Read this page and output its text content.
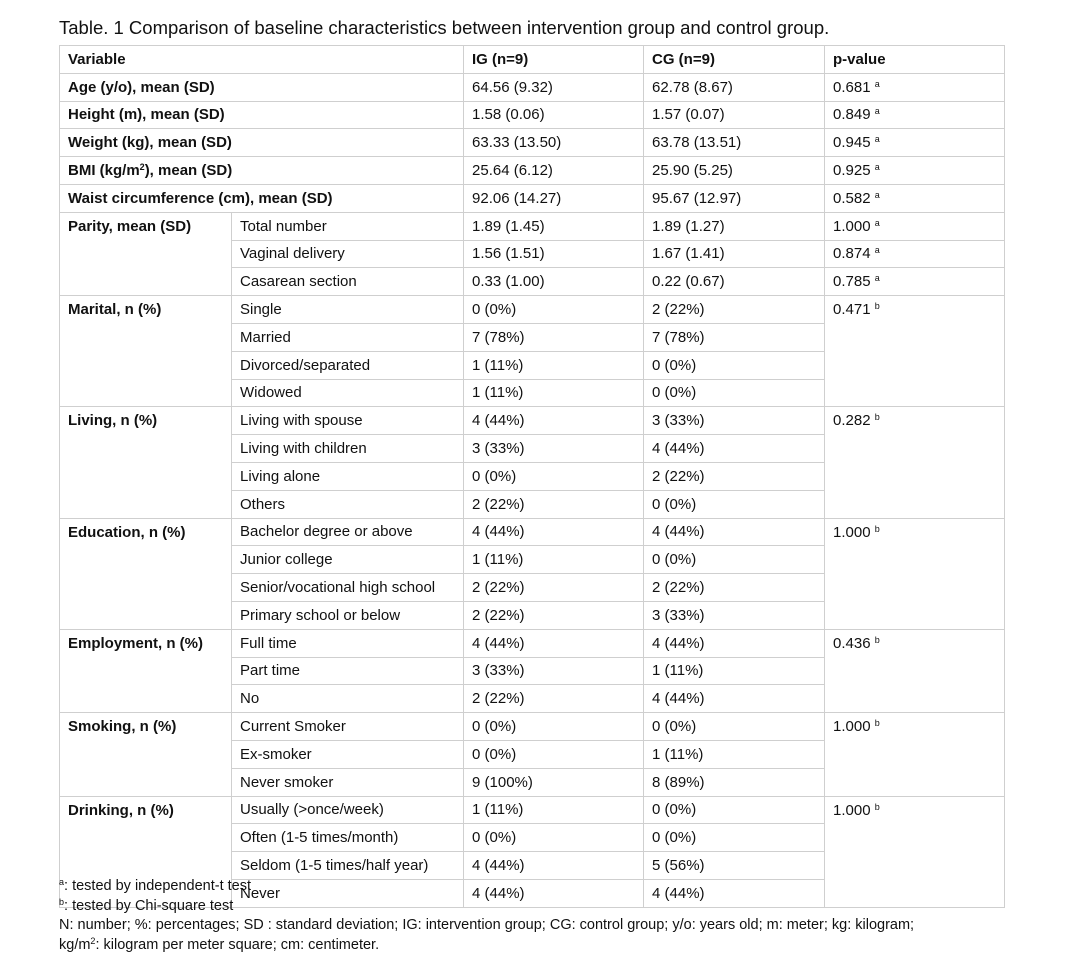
Table. 1 Comparison of baseline characteristics between intervention group and control group.
Variable		IG (n=9)	CG (n=9)	p-value
Age (y/o), mean (SD)		64.56 (9.32)	62.78 (8.67)	0.681 $^a$
Height (m), mean (SD)		1.58 (0.06)	1.57 (0.07)	0.849 $^a$
Weight (kg), mean (SD)		63.33 (13.50)	63.78 (13.51)	0.945 $^a$
BMI $(kg/m^2)$, mean (SD)		25.64 (6.12)	25.90 (5.25)	0.925 $^a$
Waist circumference (cm), mean (SD)		92.06 (14.27)	95.67 (12.97)	0.582 $^a$
Parity, mean (SD)	Total number	1.89 (1.45)	1.89 (1.27)	1.000 $^a$
	Vaginal delivery	1.56 (1.51)	1.67 (1.41)	0.874 $^a$
	Casarean section	0.33 (1.00)	0.22 (0.67)	0.785 $^a$
Marital, n (%)	Single	0 (0%)	2 (22%)	0.471 $^b$
	Married	7 (78%)	7 (78%)	
	Divorced/separated	1 (11%)	0 (0%)	
	Widowed	1 (11%)	0 (0%)	
Living, n (%)	Living with spouse	4 (44%)	3 (33%)	0.282 $^b$
	Living with children	3 (33%)	4 (44%)	
	Living alone	0 (0%)	2 (22%)	
	Others	2 (22%)	0 (0%)	
Education, n (%)	Bachelor degree or above	4 (44%)	4 (44%)	1.000 $^b$
	Junior college	1 (11%)	0 (0%)	
	Senior/vocational high school	2 (22%)	2 (22%)	
	Primary school or below	2 (22%)	3 (33%)	
Employment, n (%)	Full time	4 (44%)	4 (44%)	0.436 $^b$
	Part time	3 (33%)	1 (11%)	
	No	2 (22%)	4 (44%)	
Smoking, n (%)	Current Smoker	0 (0%)	0 (0%)	1.000 $^b$
	Ex-smoker	0 (0%)	1 (11%)	
	Never smoker	9 (100%)	8 (89%)	
Drinking, n (%)	Usually (>once/week)	1 (11%)	0 (0%)	1.000 $^b$
	Often (1-5 times/month)	0 (0%)	0 (0%)	
	Seldom (1-5 times/half year)	4 (44%)	5 (56%)	
	Never	4 (44%)	4 (44%)	
$^a$: tested by independent-t test
$^b$: tested by Chi-square test
N: number; %: percentages; SD : standard deviation; IG: intervention group; CG: control group; y/o: years old; m: meter; kg: kilogram;
$kg/m^2$: kilogram per meter square; cm: centimeter.
